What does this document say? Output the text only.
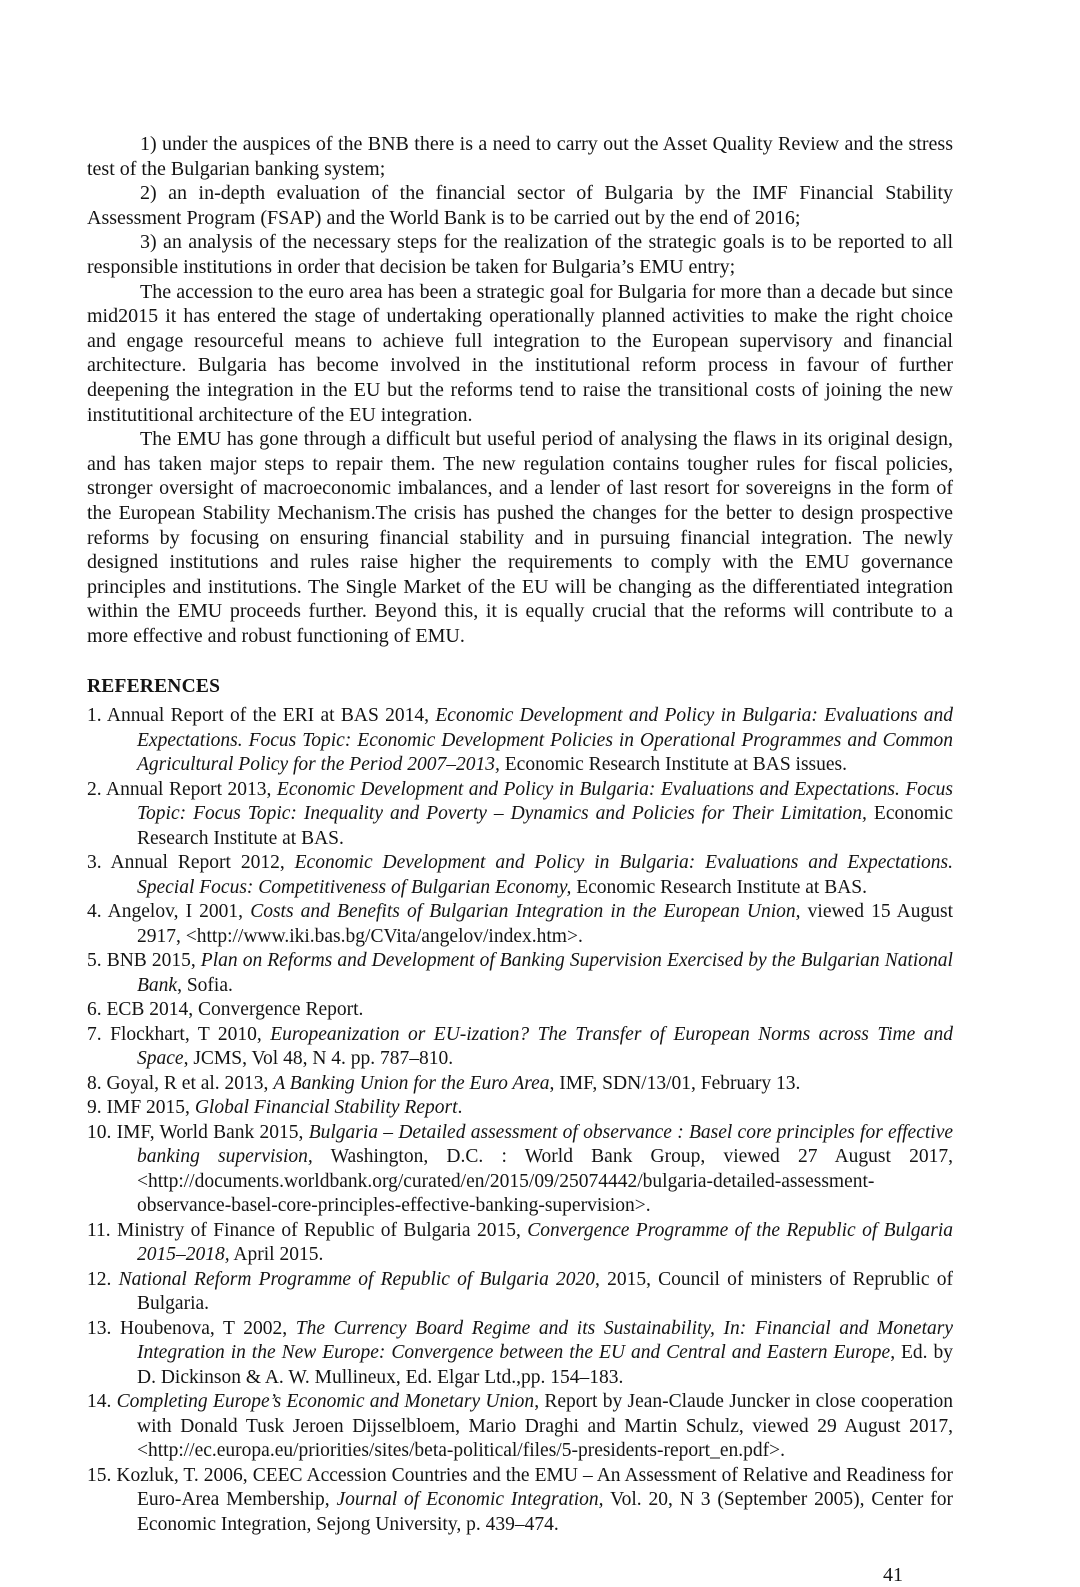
1) under the auspices of the BNB there is a need to carry out the Asset Quality Review and the stress test of the Bulgarian banking system;

2) an in-depth evaluation of the financial sector of Bulgaria by the IMF Financial Stability Assessment Program (FSAP) and the World Bank is to be carried out by the end of 2016;

3) an analysis of the necessary steps for the realization of the strategic goals is to be reported to all responsible institutions in order that decision be taken for Bulgaria’s EMU entry;

The accession to the euro area has been a strategic goal for Bulgaria for more than a decade but since mid2015 it has entered the stage of undertaking operationally planned activities to make the right choice and engage resourceful means to achieve full integration to the European supervisory and financial architecture. Bulgaria has become involved in the institutional reform process in favour of further deepening the integration in the EU but the reforms tend to raise the transitional costs of joining the new institutitional architecture of the EU integration.

The EMU has gone through a difficult but useful period of analysing the flaws in its original design, and has taken major steps to repair them. The new regulation contains tougher rules for fiscal policies, stronger oversight of macroeconomic imbalances, and a lender of last resort for sovereigns in the form of the European Stability Mechanism.The crisis has pushed the changes for the better to design prospective reforms by focusing on ensuring financial stability and in pursuing financial integration. The newly designed institutions and rules raise higher the requirements to comply with the EMU governance principles and institutions. The Single Market of the EU will be changing as the differentiated integration within the EMU proceeds further. Beyond this, it is equally crucial that the reforms will contribute to a more effective and robust functioning of EMU.

REFERENCES
1. Annual Report of the ERI at BAS 2014, Economic Development and Policy in Bulgaria: Evaluations and Expectations. Focus Topic: Economic Development Policies in Operational Programmes and Common Agricultural Policy for the Period 2007–2013, Economic Research Institute at BAS issues.
2. Annual Report 2013, Economic Development and Policy in Bulgaria: Evaluations and Expectations. Focus Topic: Focus Topic: Inequality and Poverty – Dynamics and Policies for Their Limitation, Economic Research Institute at BAS.
3. Annual Report 2012, Economic Development and Policy in Bulgaria: Evaluations and Expectations. Special Focus: Competitiveness of Bulgarian Economy, Economic Research Institute at BAS.
4. Angelov, I 2001, Costs and Benefits of Bulgarian Integration in the European Union, viewed 15 August 2917, <http://www.iki.bas.bg/CVita/angelov/index.htm>.
5. BNB 2015, Plan on Reforms and Development of Banking Supervision Exercised by the Bulgarian National Bank, Sofia.
6. ECB 2014, Convergence Report.
7. Flockhart, T 2010, Europeanization or EU-ization? The Transfer of European Norms across Time and Space, JCMS, Vol 48, N 4. pp. 787–810.
8. Goyal, R et al. 2013, A Banking Union for the Euro Area, IMF, SDN/13/01, February 13.
9. IMF 2015, Global Financial Stability Report.
10. IMF, World Bank 2015, Bulgaria – Detailed assessment of observance : Basel core principles for effective banking supervision, Washington, D.C. : World Bank Group, viewed 27 August 2017, <http://documents.worldbank.org/curated/en/2015/09/25074442/bulgaria-detailed-assessment-observance-basel-core-principles-effective-banking-supervision>.
11. Ministry of Finance of Republic of Bulgaria 2015, Convergence Programme of the Republic of Bulgaria 2015–2018, April 2015.
12. National Reform Programme of Republic of Bulgaria 2020, 2015, Council of ministers of Reprublic of Bulgaria.
13. Houbenova, T 2002, The Currency Board Regime and its Sustainability, In: Financial and Monetary Integration in the New Europe: Convergence between the EU and Central and Eastern Europe, Ed. by D. Dickinson & A. W. Mullineux, Ed. Elgar Ltd.,pp. 154–183.
14. Completing Europe’s Economic and Monetary Union, Report by Jean-Claude Juncker in close cooperation with Donald Tusk Jeroen Dijsselbloem, Mario Draghi and Martin Schulz, viewed 29 August 2017, <http://ec.europa.eu/priorities/sites/beta-political/files/5-presidents-report_en.pdf>.
15. Kozluk, T. 2006, CEEC Accession Countries and the EMU – An Assessment of Relative and Readiness for Euro-Area Membership, Journal of Economic Integration, Vol. 20, N 3 (September 2005), Center for Economic Integration, Sejong University, p. 439–474.
41
